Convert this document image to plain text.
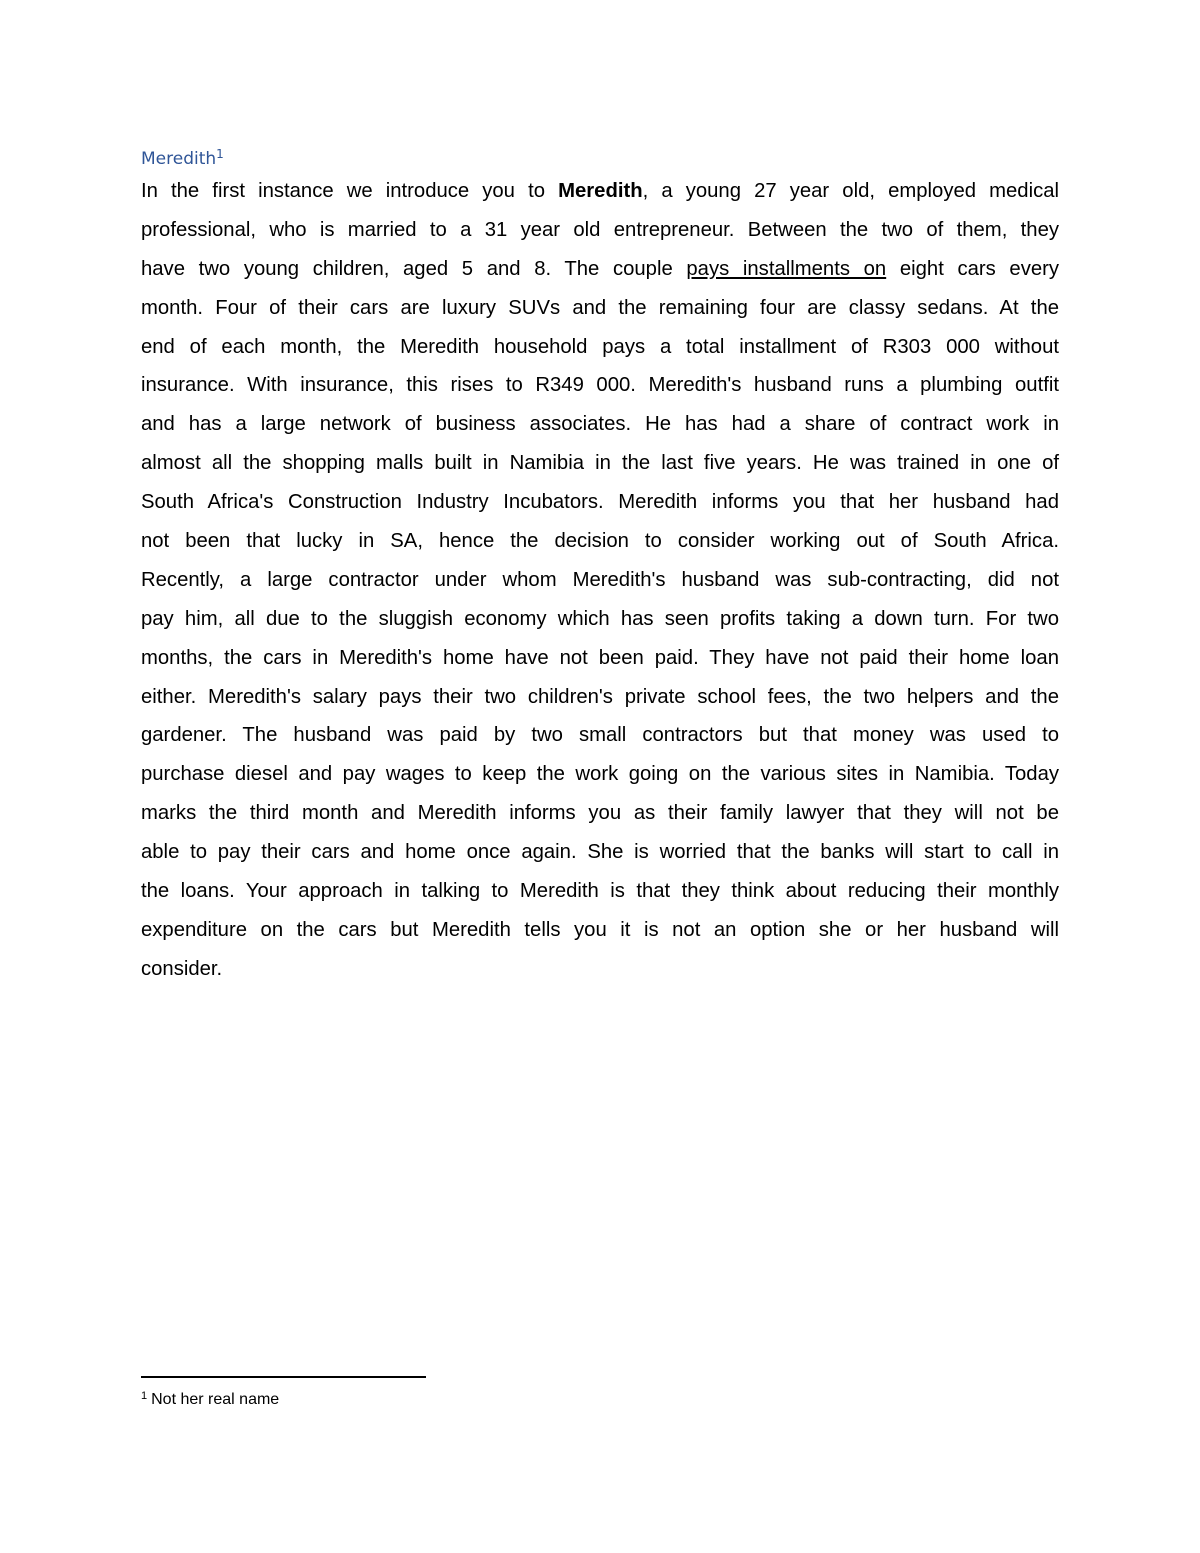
Meredith$^1$
In the first instance we introduce you to Meredith, a young 27 year old, employed medical
professional, who is married to a 31 year old entrepreneur. Between the two of them, they
have two young children, aged 5 and 8. The couple pays installments on eight cars every
month. Four of their cars are luxury SUVs and the remaining four are classy sedans. At the
end of each month, the Meredith household pays a total installment of R303 000 without
insurance. With insurance, this rises to R349 000. Meredith's husband runs a plumbing outfit
and has a large network of business associates. He has had a share of contract work in
almost all the shopping malls built in Namibia in the last five years. He was trained in one of
South Africa's Construction Industry Incubators. Meredith informs you that her husband had
not been that lucky in SA, hence the decision to consider working out of South Africa.
Recently, a large contractor under whom Meredith's husband was sub-contracting, did not
pay him, all due to the sluggish economy which has seen profits taking a down turn. For two
months, the cars in Meredith's home have not been paid. They have not paid their home loan
either. Meredith's salary pays their two children's private school fees, the two helpers and the
gardener. The husband was paid by two small contractors but that money was used to
purchase diesel and pay wages to keep the work going on the various sites in Namibia. Today
marks the third month and Meredith informs you as their family lawyer that they will not be
able to pay their cars and home once again. She is worried that the banks will start to call in
the loans. Your approach in talking to Meredith is that they think about reducing their monthly
expenditure on the cars but Meredith tells you it is not an option she or her husband will
consider.
$^1$ Not her real name
